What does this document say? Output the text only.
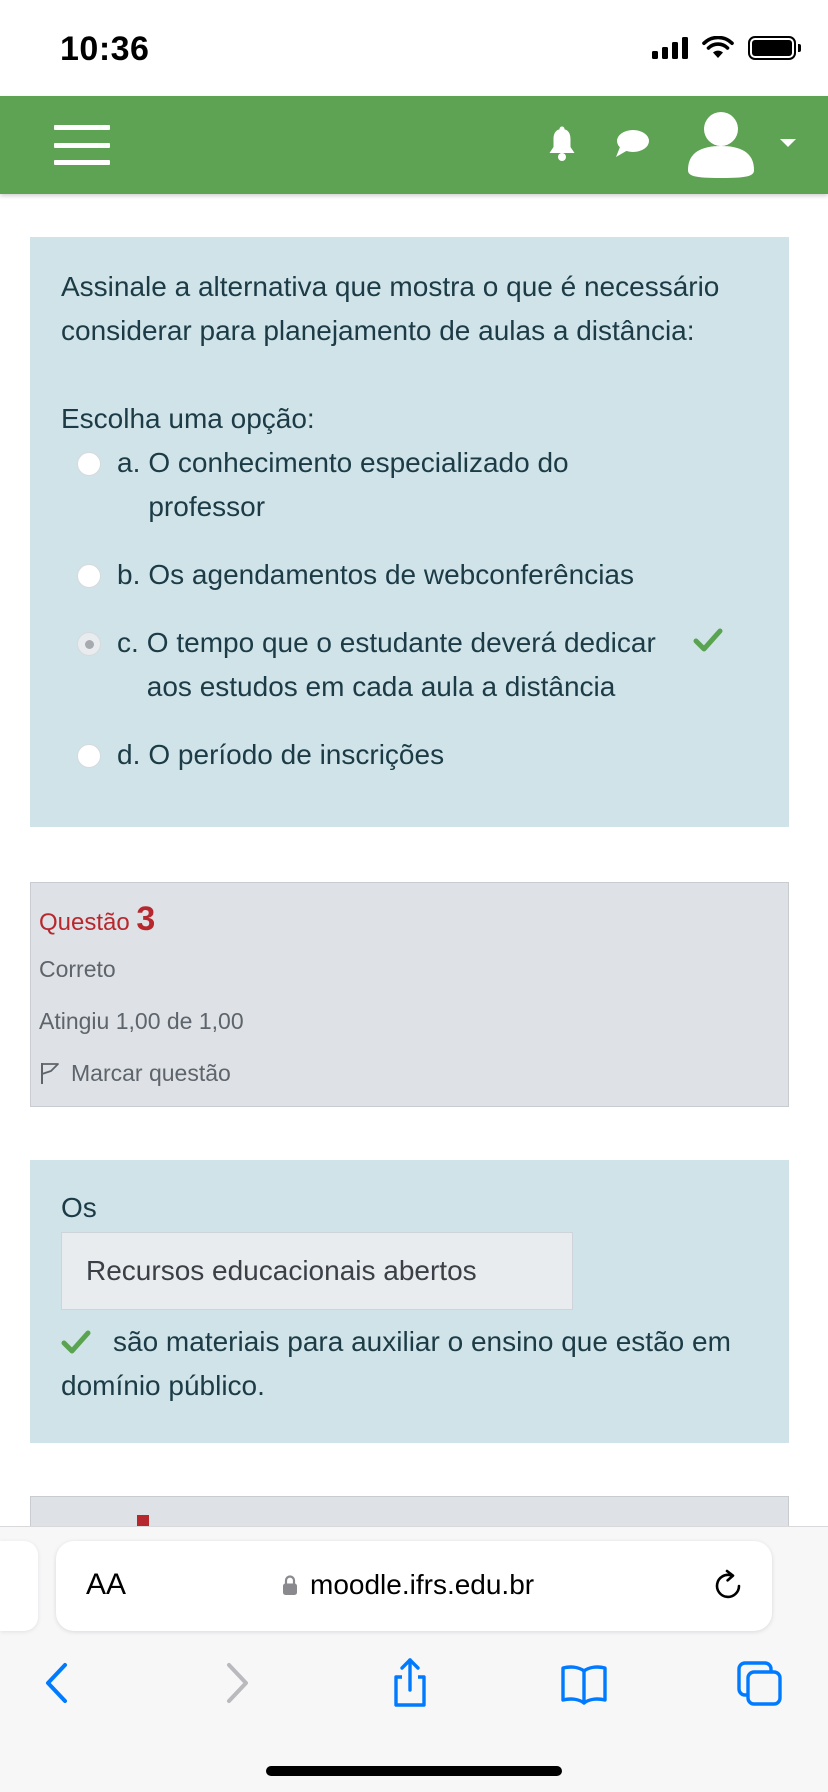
10:36
Assinale a alternativa que mostra o que é necessário considerar para planejamento de aulas a distância:
Escolha uma opção:
a. O conhecimento especializado do professor
b. Os agendamentos de webconferências
c. O tempo que o estudante deverá dedicar aos estudos em cada aula a distância
d. O período de inscrições
Questão 3
Correto
Atingiu 1,00 de 1,00
Marcar questão
Os
Recursos educacionais abertos
são materiais para auxiliar o ensino que estão em domínio público.
AA	moodle.ifrs.edu.br
